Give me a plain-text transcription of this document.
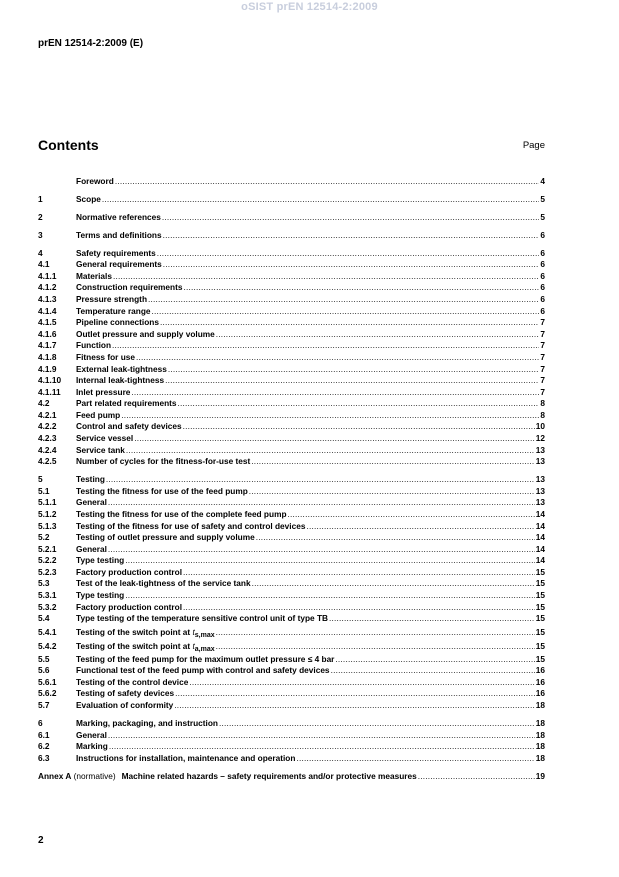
oSIST prEN 12514-2:2009
prEN 12514-2:2009 (E)
Contents	Page
Foreword .....	4
1	Scope .....	5
2	Normative references .....	5
3	Terms and definitions .....	6
4	Safety requirements .....	6
4.1	General requirements .....	6
4.1.1	Materials .....	6
4.1.2	Construction requirements .....	6
4.1.3	Pressure strength .....	6
4.1.4	Temperature range .....	6
4.1.5	Pipeline connections .....	7
4.1.6	Outlet pressure and supply volume .....	7
4.1.7	Function .....	7
4.1.8	Fitness for use .....	7
4.1.9	External leak-tightness .....	7
4.1.10	Internal leak-tightness .....	7
4.1.11	Inlet pressure .....	7
4.2	Part related requirements .....	8
4.2.1	Feed pump .....	8
4.2.2	Control and safety devices .....	10
4.2.3	Service vessel .....	12
4.2.4	Service tank .....	13
4.2.5	Number of cycles for the fitness-for-use test .....	13
5	Testing .....	13
5.1	Testing the fitness for use of the feed pump .....	13
5.1.1	General .....	13
5.1.2	Testing the fitness for use of the complete feed pump .....	14
5.1.3	Testing of the fitness for use of safety and control devices .....	14
5.2	Testing of outlet pressure and supply volume .....	14
5.2.1	General .....	14
5.2.2	Type testing .....	14
5.2.3	Factory production control .....	15
5.3	Test of the leak-tightness of the service tank .....	15
5.3.1	Type testing .....	15
5.3.2	Factory production control .....	15
5.4	Type testing of the temperature sensitive control unit of type TB .....	15
5.4.1	Testing of the switch point at $t_{s,max}$ .....	15
5.4.2	Testing of the switch point at $t_{a,max}$ .....	15
5.5	Testing of the feed pump for the maximum outlet pressure ≤ 4 bar .....	15
5.6	Functional test of the feed pump with control and safety devices .....	16
5.6.1	Testing of the control device .....	16
5.6.2	Testing of safety devices .....	16
5.7	Evaluation of conformity .....	18
6	Marking, packaging, and instruction .....	18
6.1	General .....	18
6.2	Marking .....	18
6.3	Instructions for installation, maintenance and operation .....	18
Annex A (normative) Machine related hazards – safety requirements and/or protective measures .....	19
2
